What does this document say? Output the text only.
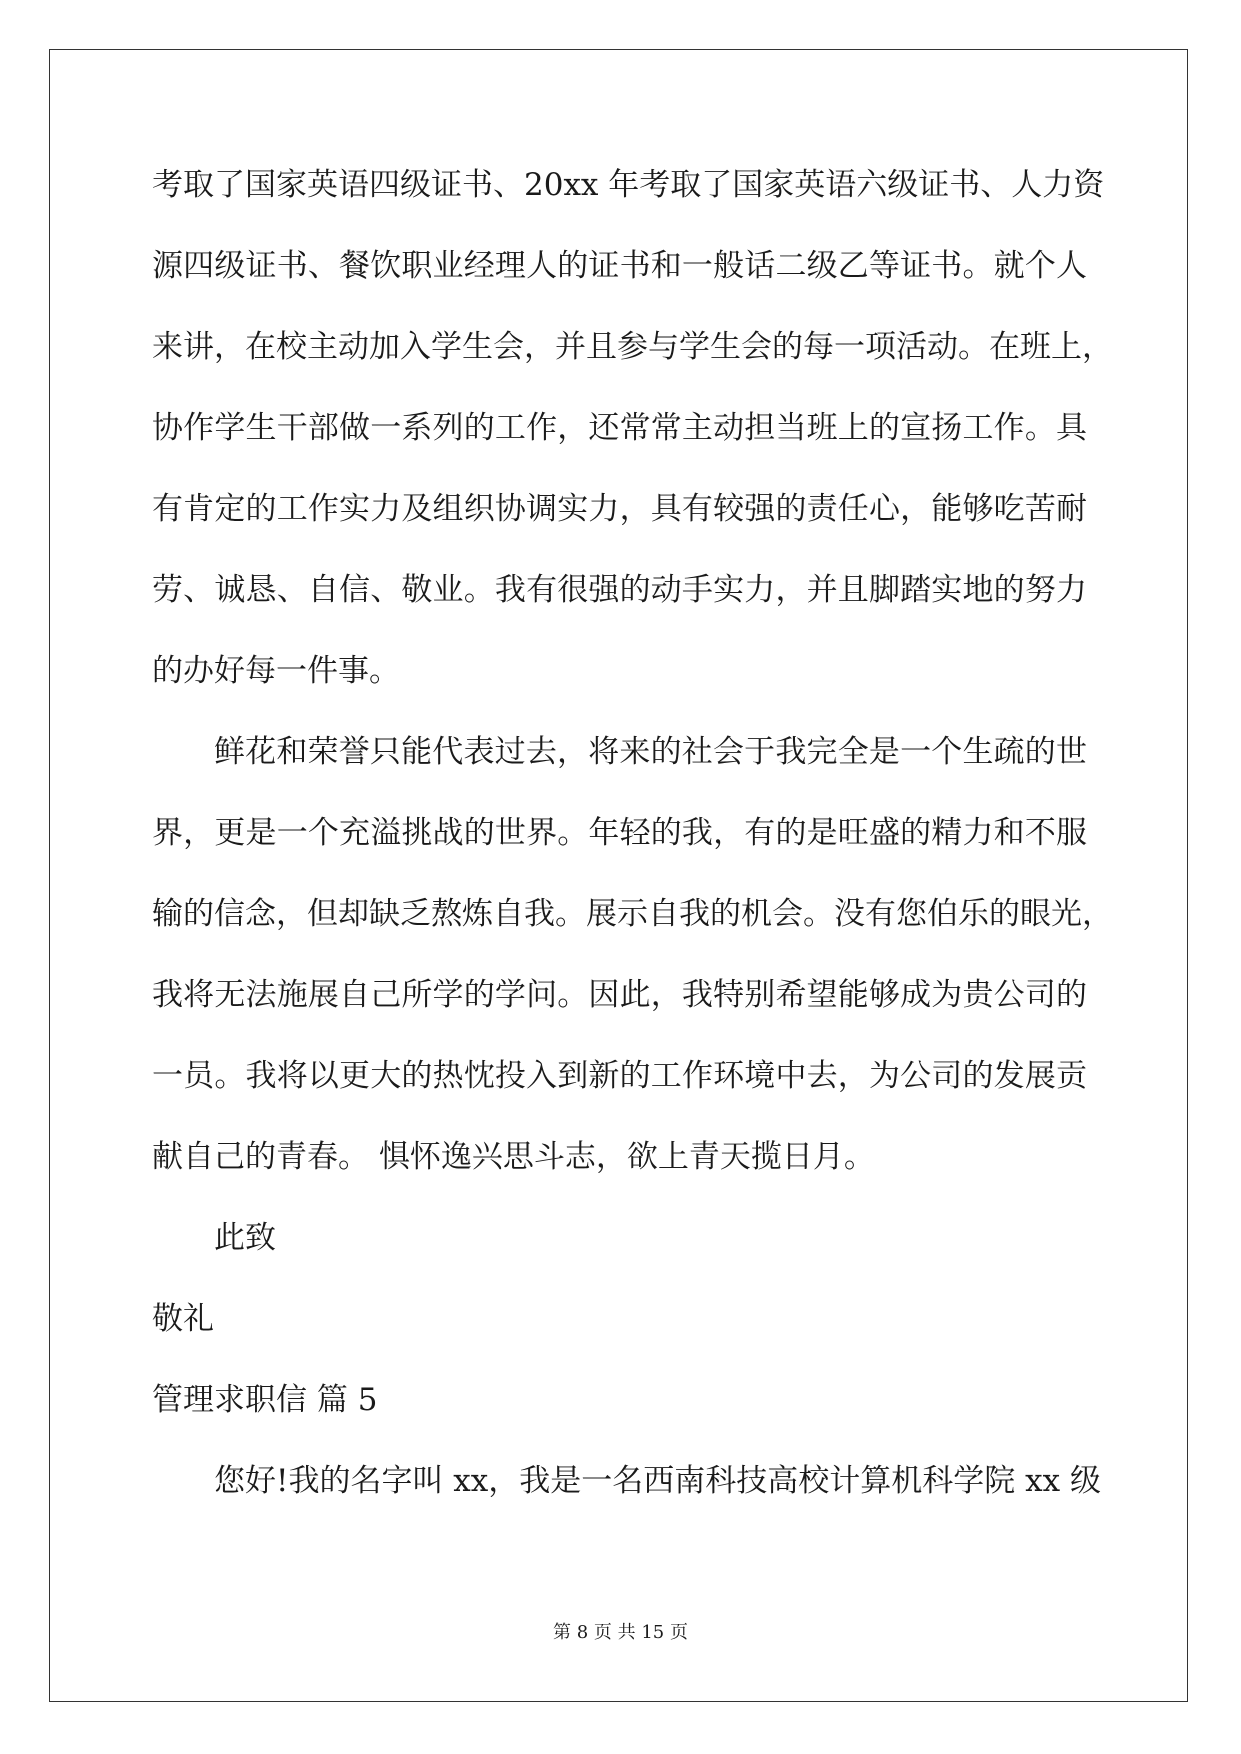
考取了国家英语四级证书、20xx 年考取了国家英语六级证书、人力资
源四级证书、餐饮职业经理人的证书和一般话二级乙等证书。就个人
来讲，在校主动加入学生会，并且参与学生会的每一项活动。在班上，
协作学生干部做一系列的工作，还常常主动担当班上的宣扬工作。具
有肯定的工作实力及组织协调实力，具有较强的责任心，能够吃苦耐
劳、诚恳、自信、敬业。我有很强的动手实力，并且脚踏实地的努力
的办好每一件事。
鲜花和荣誉只能代表过去，将来的社会于我完全是一个生疏的世
界，更是一个充溢挑战的世界。年轻的我，有的是旺盛的精力和不服
输的信念，但却缺乏熬炼自我。展示自我的机会。没有您伯乐的眼光，
我将无法施展自己所学的学问。因此，我特别希望能够成为贵公司的
一员。我将以更大的热忱投入到新的工作环境中去，为公司的发展贡
献自己的青春。 惧怀逸兴思斗志，欲上青天揽日月。
此致
敬礼
管理求职信 篇 5
您好!我的名字叫 xx，我是一名西南科技高校计算机科学院 xx 级
第 8 页 共 15 页
